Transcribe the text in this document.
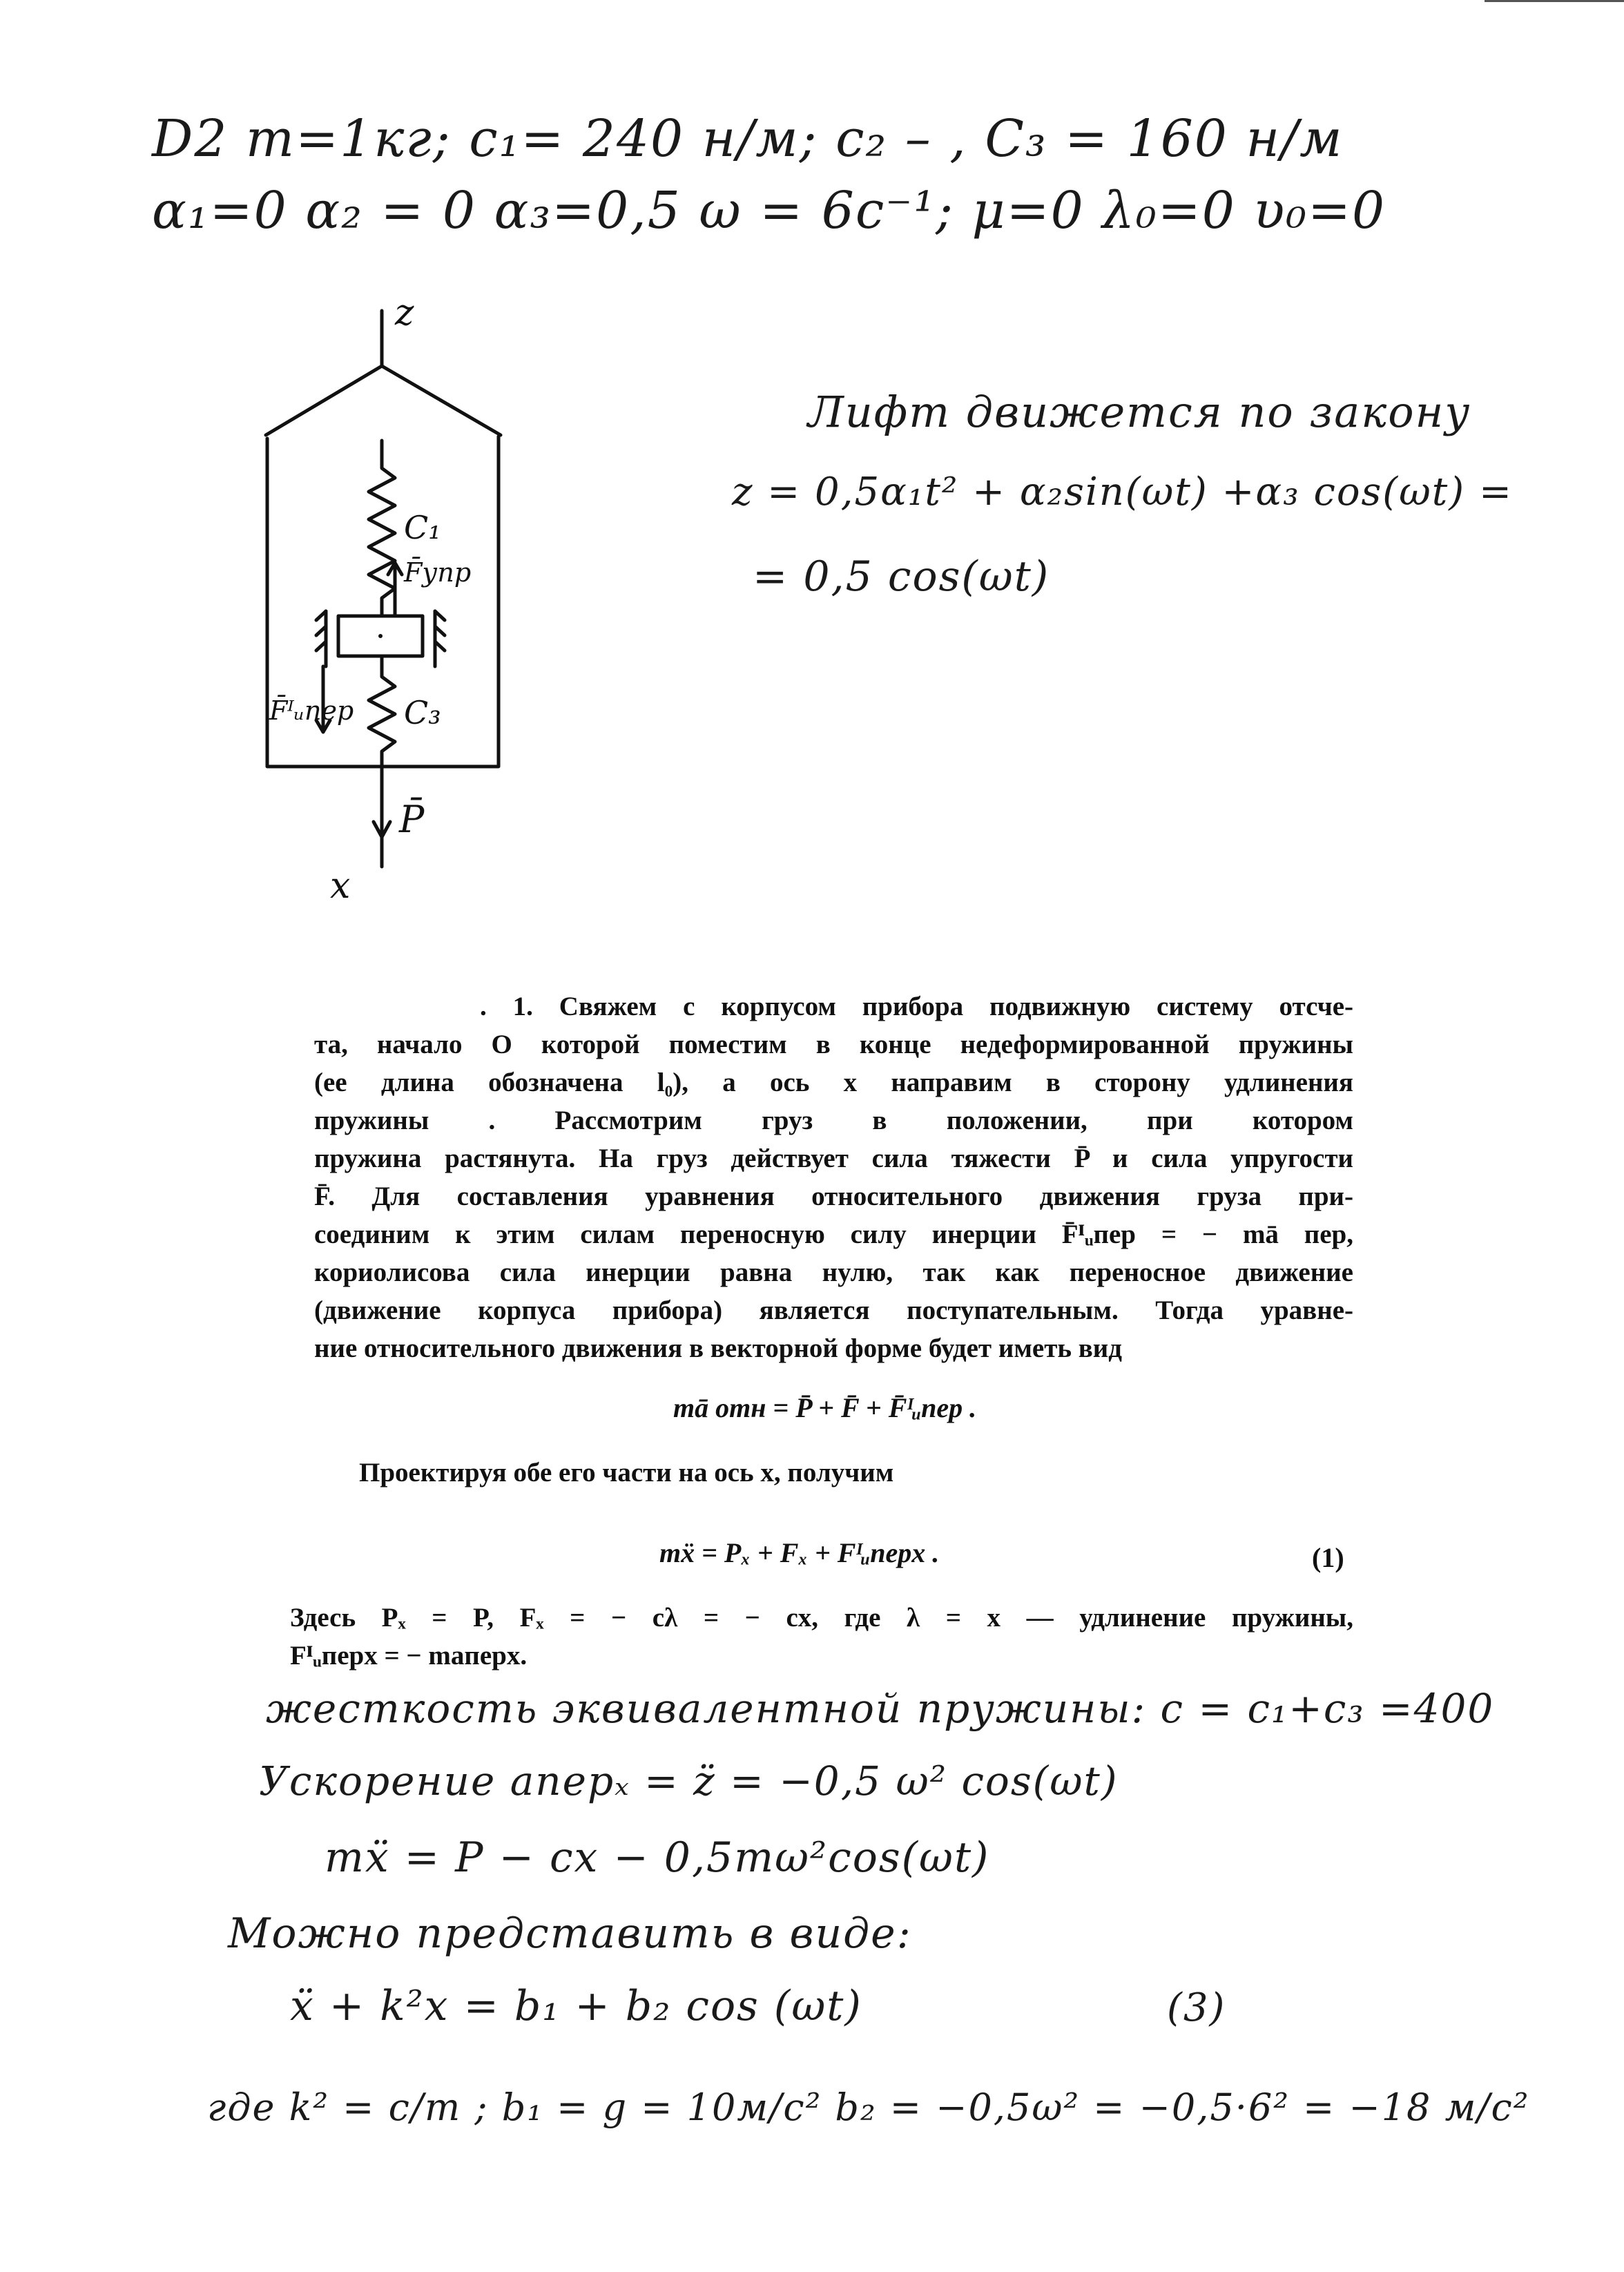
D2 m=1кг; c₁= 240 н/м; c₂ – , C₃ = 160 н/м
α₁=0 α₂ = 0 α₃=0,5 ω = 6с⁻¹; μ=0 λ₀=0 υ₀=0
z
C₁
F̄упр
F̄ᴵᵤпер C₃
P̄
x
Лифт движется по закону
z = 0,5α₁t² + α₂sin(ωt) +α₃ cos(ωt) =
= 0,5 cos(ωt)

. 1. Свяжем с корпусом прибора подвижную систему отсче-

та, начало O которой поместим в конце недеформированной пружины

(ее длина обозначена l₀), а ось x направим в сторону удлинения

пружины . Рассмотрим груз в положении, при котором

пружина растянута. На груз действует сила тяжести P̄ и сила упругости

F̄. Для составления уравнения относительного движения груза при-

соединим к этим силам переносную силу инерции F̄ᴵᵤпер = − mā пер,

кориолисова сила инерции равна нулю, так как переносное движение

(движение корпуса прибора) является поступательным. Тогда уравне-

ние относительного движения в векторной форме будет иметь вид

mā отн = P̄ + F̄ + F̄ᴵᵤпер .
Проектируя обе его части на ось x, получим
mẍ = Pₓ + Fₓ + Fᴵᵤперx .	(1)

Здесь Pₓ = P, Fₓ = − cλ = − cx, где λ = x — удлинение пружины,

Fᴵᵤперx = − maперx.

жесткость эквивалентной пружины: c = c₁+c₃ =400
Ускорение aперₓ = z̈ = −0,5 ω² cos(ωt)
mẍ = P − cx − 0,5mω²cos(ωt)
Можно представить в виде:
ẍ + k²x = b₁ + b₂ cos (ωt)	(3)
где k² = c/m ; b₁ = g = 10м/с² b₂ = −0,5ω² = −0,5·6² = −18 м/с²
